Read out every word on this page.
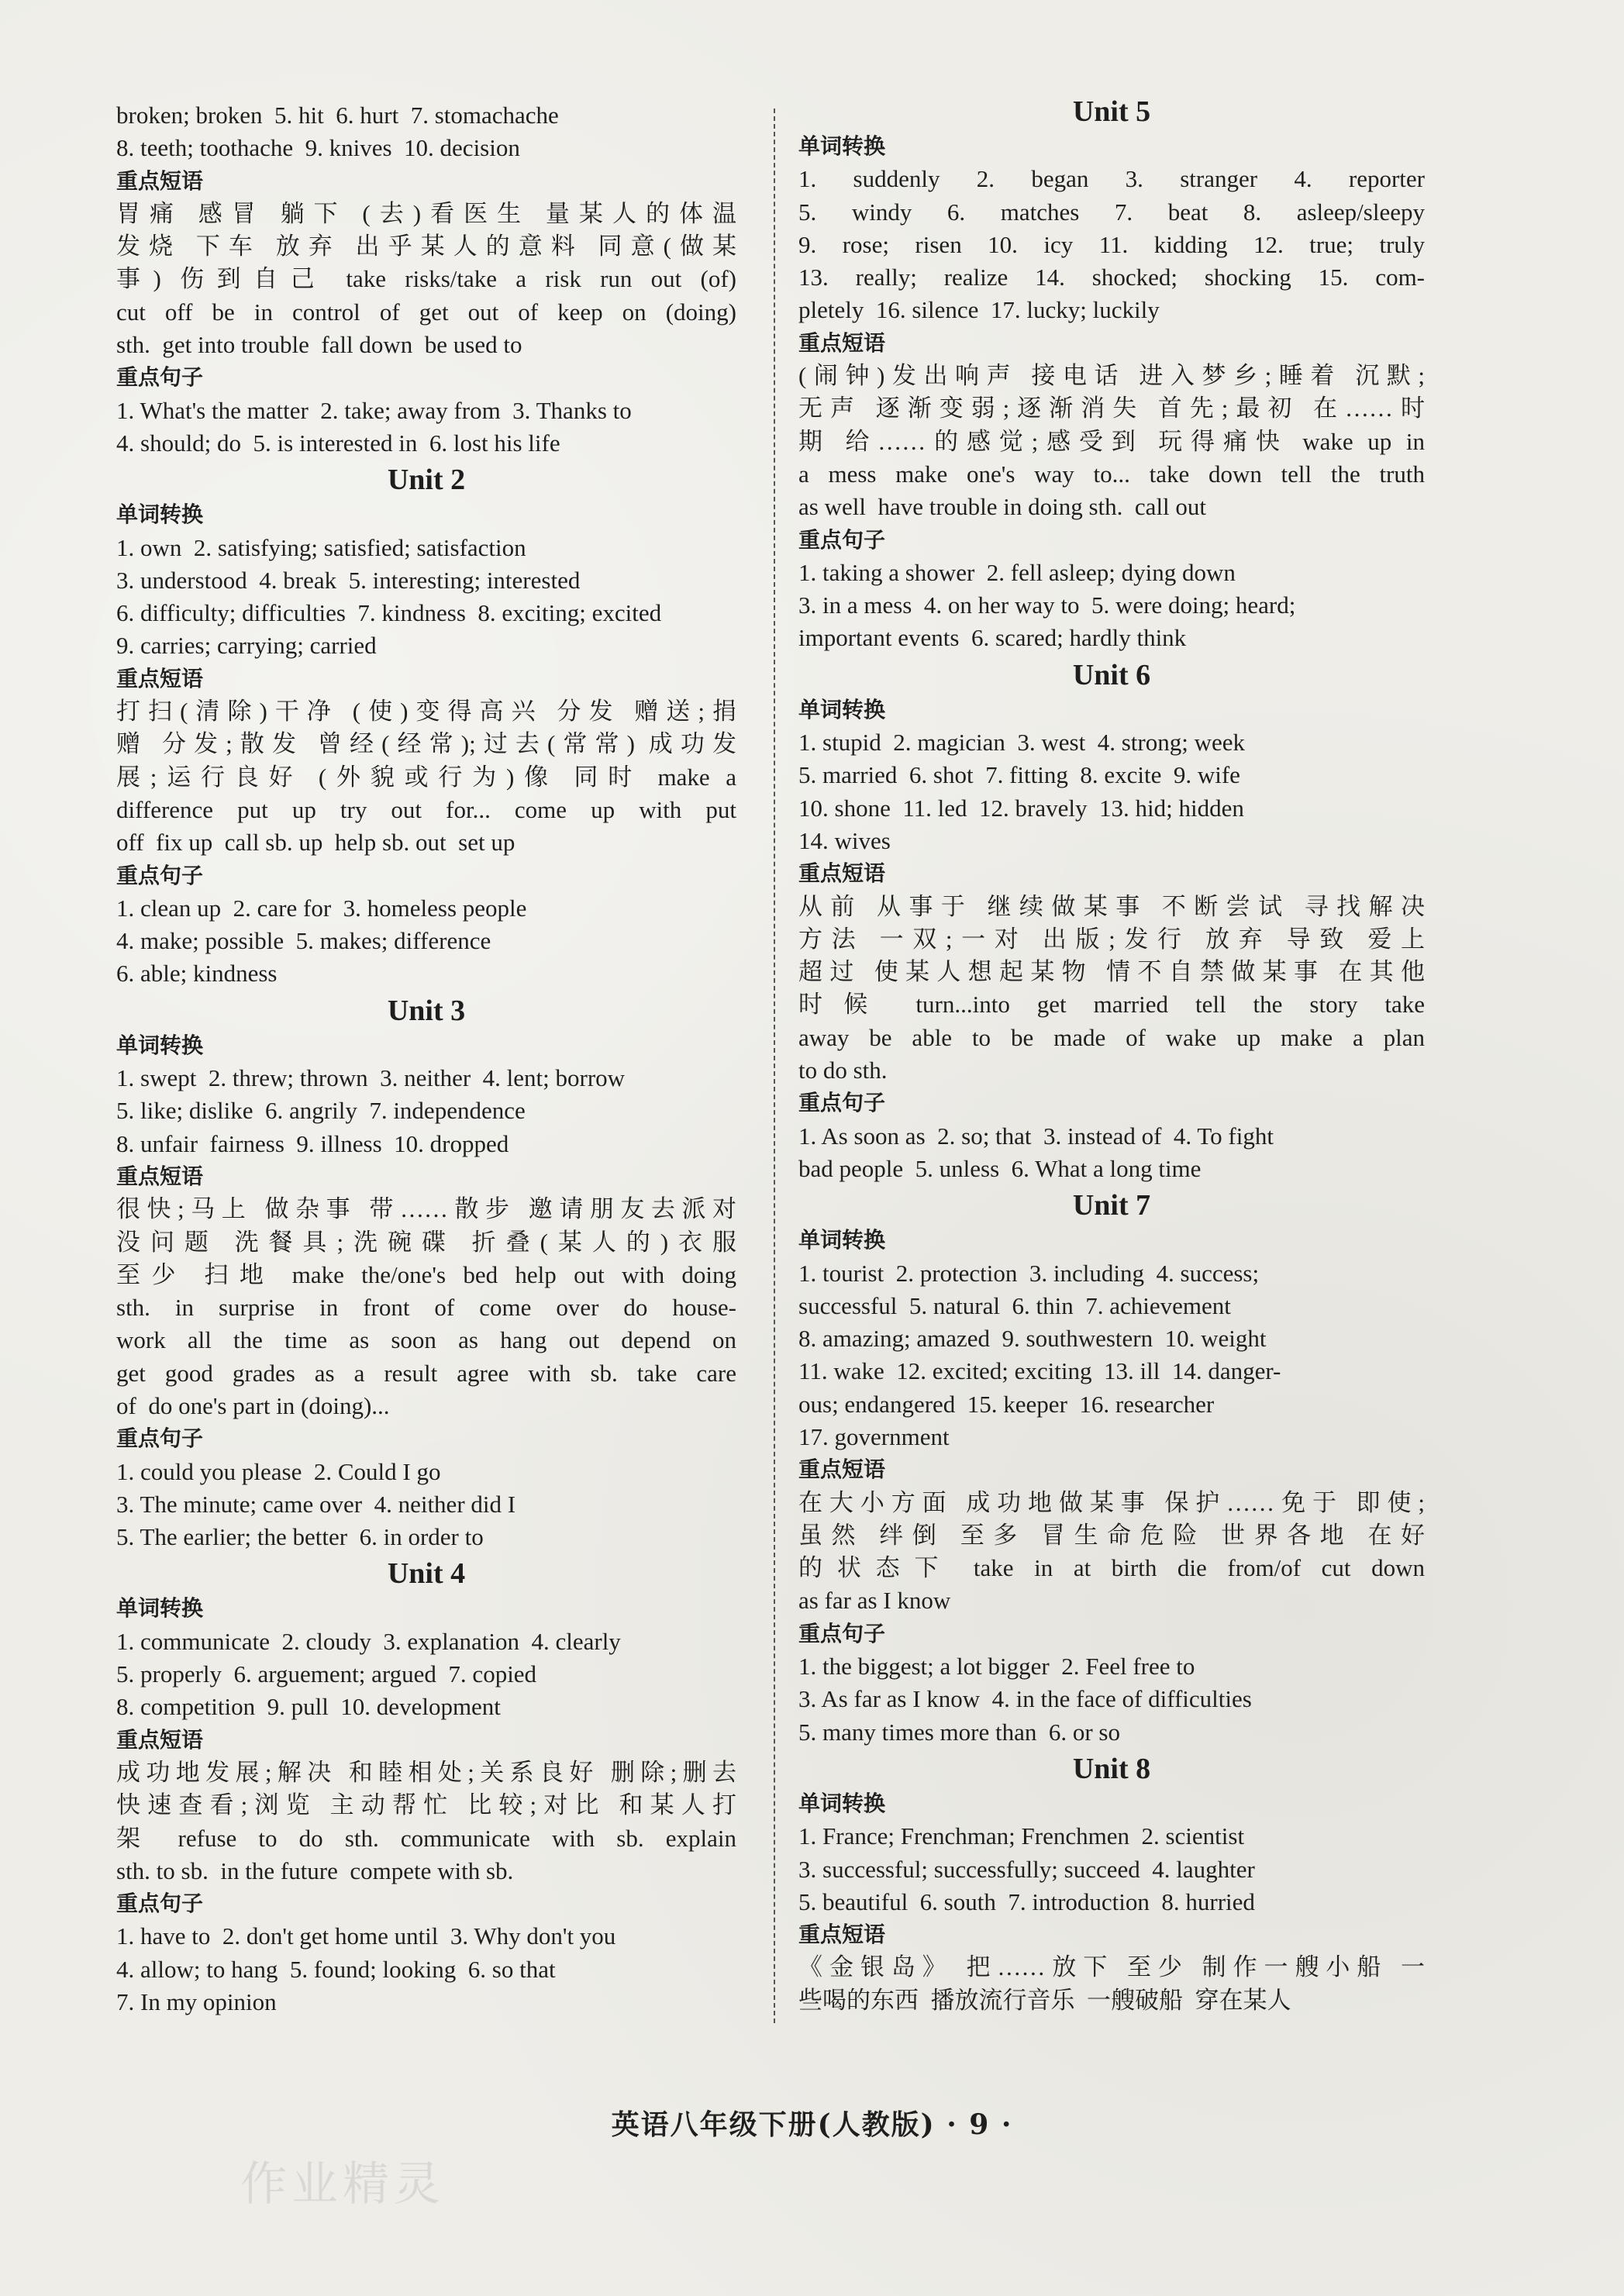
broken; broken  5. hit  6. hurt  7. stomachache
8. teeth; toothache  9. knives  10. decision
重点短语
胃痛 感冒 躺下 (去)看医生 量某人的体温
发烧 下车 放弃 出乎某人的意料 同意(做某
事) 伤到自己 take risks/take a risk run out (of)
cut off be in control of get out of keep on (doing)
sth.  get into trouble  fall down  be used to
重点句子
1. What's the matter  2. take; away from  3. Thanks to
4. should; do  5. is interested in  6. lost his life
Unit 2
单词转换
1. own  2. satisfying; satisfied; satisfaction
3. understood  4. break  5. interesting; interested
6. difficulty; difficulties  7. kindness  8. exciting; excited
9. carries; carrying; carried
重点短语
打扫(清除)干净 (使)变得高兴 分发 赠送;捐
赠 分发;散发 曾经(经常);过去(常常) 成功发
展;运行良好 (外貌或行为)像 同时 make a
difference put up try out for... come up with put
off  fix up  call sb. up  help sb. out  set up
重点句子
1. clean up  2. care for  3. homeless people
4. make; possible  5. makes; difference
6. able; kindness
Unit 3
单词转换
1. swept  2. threw; thrown  3. neither  4. lent; borrow
5. like; dislike  6. angrily  7. independence
8. unfair  fairness  9. illness  10. dropped
重点短语
很快;马上 做杂事 带……散步 邀请朋友去派对
没问题 洗餐具;洗碗碟 折叠(某人的)衣服
至少 扫地 make the/one's bed help out with doing
sth. in surprise in front of come over do house-
work all the time as soon as hang out depend on
get good grades as a result agree with sb. take care
of  do one's part in (doing)...
重点句子
1. could you please  2. Could I go
3. The minute; came over  4. neither did I
5. The earlier; the better  6. in order to
Unit 4
单词转换
1. communicate  2. cloudy  3. explanation  4. clearly
5. properly  6. arguement; argued  7. copied
8. competition  9. pull  10. development
重点短语
成功地发展;解决 和睦相处;关系良好 删除;删去
快速查看;浏览 主动帮忙 比较;对比 和某人打
架 refuse to do sth. communicate with sb. explain
sth. to sb.  in the future  compete with sb.
重点句子
1. have to  2. don't get home until  3. Why don't you
4. allow; to hang  5. found; looking  6. so that
7. In my opinion
Unit 5
单词转换
1. suddenly 2. began 3. stranger 4. reporter
5. windy 6. matches 7. beat 8. asleep/sleepy
9. rose; risen 10. icy 11. kidding 12. true; truly
13. really; realize 14. shocked; shocking 15. com-
pletely  16. silence  17. lucky; luckily
重点短语
(闹钟)发出响声 接电话 进入梦乡;睡着 沉默;
无声 逐渐变弱;逐渐消失 首先;最初 在……时
期 给……的感觉;感受到 玩得痛快 wake up in
a mess make one's way to... take down tell the truth
as well  have trouble in doing sth.  call out
重点句子
1. taking a shower  2. fell asleep; dying down
3. in a mess  4. on her way to  5. were doing; heard;
important events  6. scared; hardly think
Unit 6
单词转换
1. stupid  2. magician  3. west  4. strong; week
5. married  6. shot  7. fitting  8. excite  9. wife
10. shone  11. led  12. bravely  13. hid; hidden
14. wives
重点短语
从前 从事于 继续做某事 不断尝试 寻找解决
方法 一双;一对 出版;发行 放弃 导致 爱上
超过 使某人想起某物 情不自禁做某事 在其他
时候 turn...into get married tell the story take
away be able to be made of wake up make a plan
to do sth.
重点句子
1. As soon as  2. so; that  3. instead of  4. To fight
bad people  5. unless  6. What a long time
Unit 7
单词转换
1. tourist  2. protection  3. including  4. success;
successful  5. natural  6. thin  7. achievement
8. amazing; amazed  9. southwestern  10. weight
11. wake  12. excited; exciting  13. ill  14. danger-
ous; endangered  15. keeper  16. researcher
17. government
重点短语
在大小方面 成功地做某事 保护……免于 即使;
虽然 绊倒 至多 冒生命危险 世界各地 在好
的状态下 take in at birth die from/of cut down
as far as I know
重点句子
1. the biggest; a lot bigger  2. Feel free to
3. As far as I know  4. in the face of difficulties
5. many times more than  6. or so
Unit 8
单词转换
1. France; Frenchman; Frenchmen  2. scientist
3. successful; successfully; succeed  4. laughter
5. beautiful  6. south  7. introduction  8. hurried
重点短语
《金银岛》 把……放下 至少 制作一艘小船 一
些喝的东西  播放流行音乐  一艘破船  穿在某人
英语八年级下册(人教版) · 9 ·
作业精灵
